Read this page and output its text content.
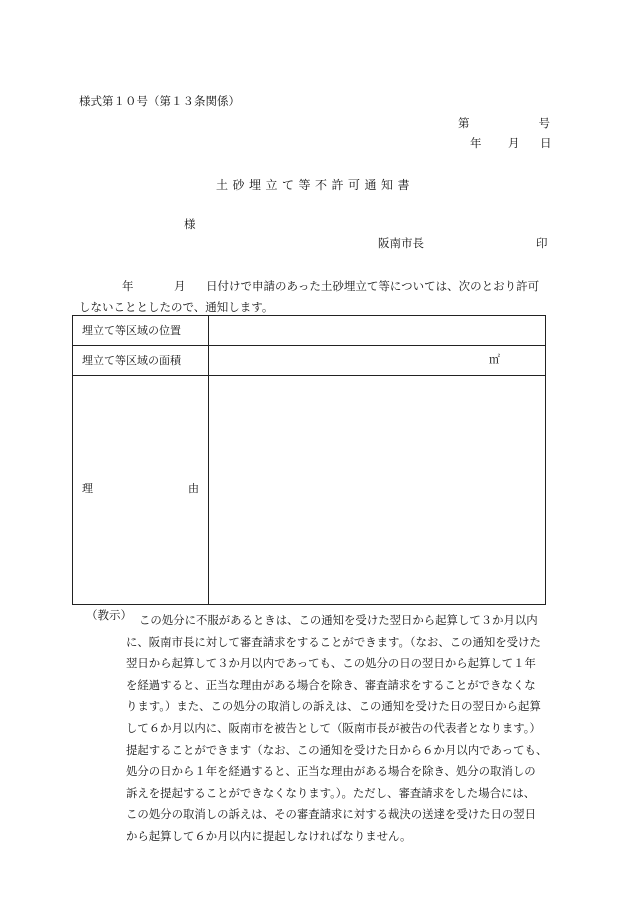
様式第１０号（第１３条関係）
第	号
年 月 日
土砂埋立て等不許可通知書
様
阪南市長	印
年	月 日付けで申請のあった土砂埋立て等については、次のとおり許可
しないこととしたので、通知します。
埋立て等区域の位置	
埋立て等区域の面積	㎡

理 由	

（教示） この処分に不服があるときは、この通知を受けた翌日から起算して３か月以内
に、阪南市長に対して審査請求をすることができます。（なお、この通知を受けた
翌日から起算して３か月以内であっても、この処分の日の翌日から起算して１年
を経過すると、正当な理由がある場合を除き、審査請求をすることができなくな
ります。）また、この処分の取消しの訴えは、この通知を受けた日の翌日から起算
して６か月以内に、阪南市を被告として（阪南市長が被告の代表者となります。）
提起することができます（なお、この通知を受けた日から６か月以内であっても、
処分の日から１年を経過すると、正当な理由がある場合を除き、処分の取消しの
訴えを提起することができなくなります。）。ただし、審査請求をした場合には、
この処分の取消しの訴えは、その審査請求に対する裁決の送達を受けた日の翌日
から起算して６か月以内に提起しなければなりません。
